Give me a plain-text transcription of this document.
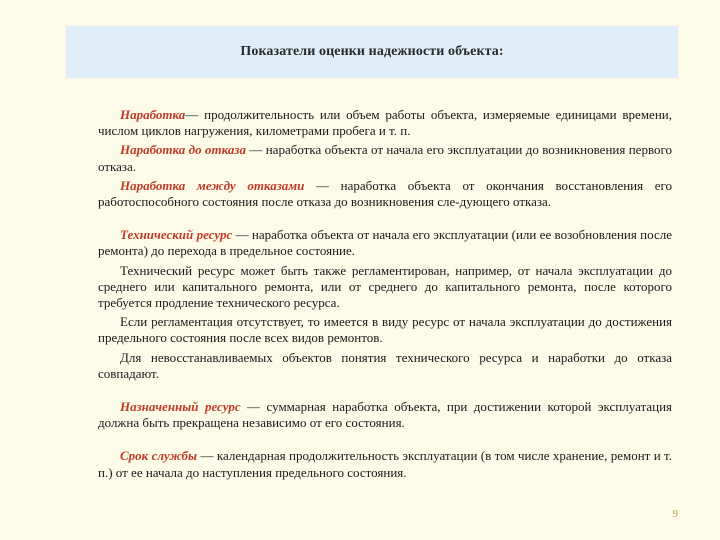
Показатели оценки надежности объекта:

Наработка— продолжительность или объем работы объекта, измеряемые единицами времени, числом циклов нагружения, километрами пробега и т. п.

Наработка до отказа — наработка объекта от начала его эксплуатации до возникновения первого отказа.

Наработка между отказами — наработка объекта от окончания восстановления его работоспособного состояния после отказа до возникновения сле-дующего отказа.

Технический ресурс — наработка объекта от начала его эксплуатации (или ее возобновления после ремонта) до перехода в предельное состояние.

Технический ресурс может быть также регламентирован, например, от начала эксплуатации до среднего или капитального ремонта, или от среднего до капитального ремонта, после которого требуется продление технического ресурса.

Если регламентация отсутствует, то имеется в виду ресурс от начала эксплуатации до достижения предельного состояния после всех видов ремонтов.

Для невосстанавливаемых объектов понятия технического ресурса и наработки до отказа совпадают.

Назначенный ресурс — суммарная наработка объекта, при достижении которой эксплуатация должна быть прекращена независимо от его состояния.

Срок службы — календарная продолжительность эксплуатации (в том числе хранение, ремонт и т. п.) от ее начала до наступления предельного состояния.

9
